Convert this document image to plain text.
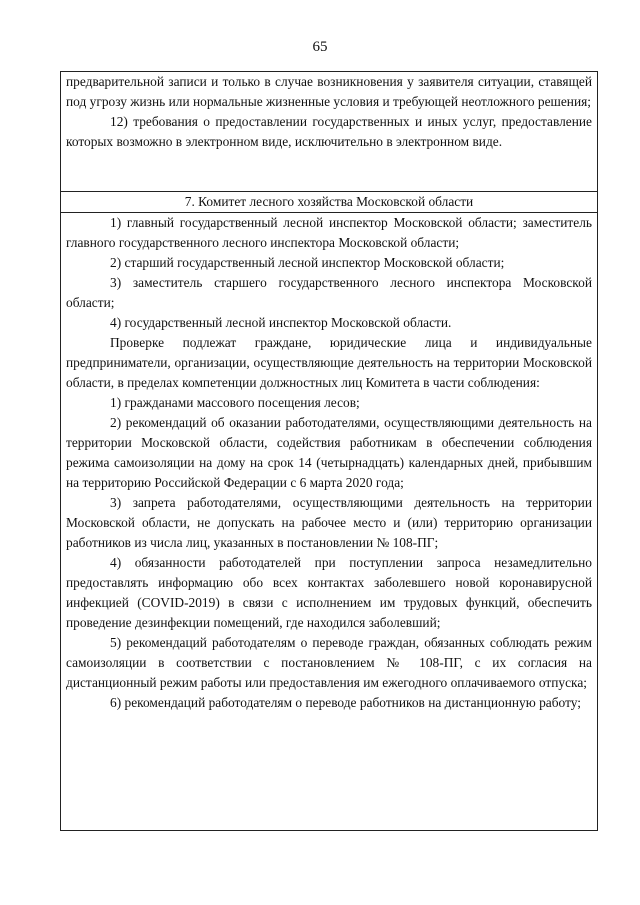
65

предварительной записи и только в случае возникновения у заявителя ситуации, ставящей под угрозу жизнь или нормальные жизненные условия и требующей неотложного решения;

12) требования о предоставлении государственных и иных услуг, предоставление которых возможно в электронном виде, исключительно в электронном виде.

7. Комитет лесного хозяйства Московской области

1) главный государственный лесной инспектор Московской области; заместитель главного государственного лесного инспектора Московской области;

2) старший государственный лесной инспектор Московской области;

3) заместитель старшего государственного лесного инспектора Московской области;

4) государственный лесной инспектор Московской области.

Проверке подлежат граждане, юридические лица и индивидуальные предприниматели, организации, осуществляющие деятельность на территории Московской области, в пределах компетенции должностных лиц Комитета в части соблюдения:

1) гражданами массового посещения лесов;

2) рекомендаций об оказании работодателями, осуществляющими деятельность на территории Московской области, содействия работникам в обеспечении соблюдения режима самоизоляции на дому на срок 14 (четырнадцать) календарных дней, прибывшим на территорию Российской Федерации с 6 марта 2020 года;

3) запрета работодателями, осуществляющими деятельность на территории Московской области, не допускать на рабочее место и (или) территорию организации работников из числа лиц, указанных в постановлении № 108-ПГ;

4) обязанности работодателей при поступлении запроса незамедлительно предоставлять информацию обо всех контактах заболевшего новой коронавирусной инфекцией (COVID-2019) в связи с исполнением им трудовых функций, обеспечить проведение дезинфекции помещений, где находился заболевший;

5) рекомендаций работодателям о переводе граждан, обязанных соблюдать режим самоизоляции в соответствии с постановлением № 108-ПГ, с их согласия на дистанционный режим работы или предоставления им ежегодного оплачиваемого отпуска;

6) рекомендаций работодателям о переводе работников на дистанционную работу;
